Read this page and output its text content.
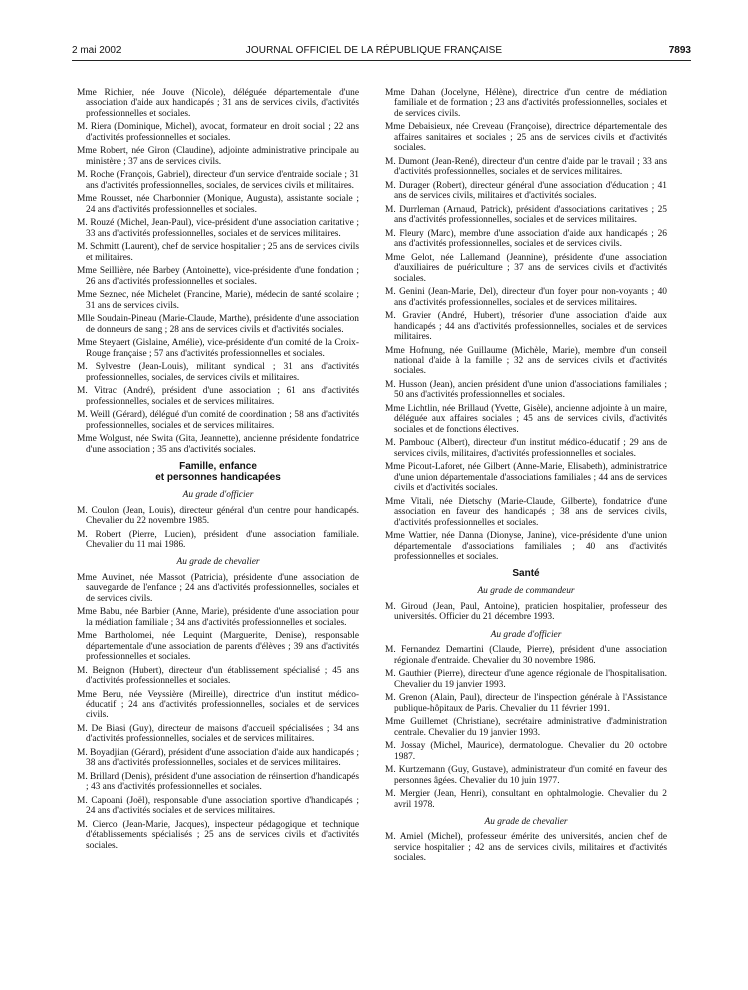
2 mai 2002	JOURNAL OFFICIEL DE LA RÉPUBLIQUE FRANÇAISE	7893

Mme Richier, née Jouve (Nicole), déléguée départementale d'une association d'aide aux handicapés ; 31 ans de services civils, d'activités professionnelles et sociales.

M. Riera (Dominique, Michel), avocat, formateur en droit social ; 22 ans d'activités professionnelles et sociales.

Mme Robert, née Giron (Claudine), adjointe administrative principale au ministère ; 37 ans de services civils.

M. Roche (François, Gabriel), directeur d'un service d'entraide sociale ; 31 ans d'activités professionnelles, sociales, de services civils et militaires.

Mme Rousset, née Charbonnier (Monique, Augusta), assistante sociale ; 24 ans d'activités professionnelles et sociales.

M. Rouzé (Michel, Jean-Paul), vice-président d'une association caritative ; 33 ans d'activités professionnelles, sociales et de services militaires.

M. Schmitt (Laurent), chef de service hospitalier ; 25 ans de services civils et militaires.

Mme Seillière, née Barbey (Antoinette), vice-présidente d'une fondation ; 26 ans d'activités professionnelles et sociales.

Mme Seznec, née Michelet (Francine, Marie), médecin de santé scolaire ; 31 ans de services civils.

Mlle Soudain-Pineau (Marie-Claude, Marthe), présidente d'une association de donneurs de sang ; 28 ans de services civils et d'activités sociales.

Mme Steyaert (Gislaine, Amélie), vice-présidente d'un comité de la Croix-Rouge française ; 57 ans d'activités professionnelles et sociales.

M. Sylvestre (Jean-Louis), militant syndical ; 31 ans d'activités professionnelles, sociales, de services civils et militaires.

M. Vitrac (André), président d'une association ; 61 ans d'activités professionnelles, sociales et de services militaires.

M. Weill (Gérard), délégué d'un comité de coordination ; 58 ans d'activités professionnelles, sociales et de services militaires.

Mme Wolgust, née Swita (Gita, Jeannette), ancienne présidente fondatrice d'une association ; 35 ans d'activités sociales.

Famille, enfance
et personnes handicapées
Au grade d'officier

M. Coulon (Jean, Louis), directeur général d'un centre pour handicapés. Chevalier du 22 novembre 1985.

M. Robert (Pierre, Lucien), président d'une association familiale. Chevalier du 11 mai 1986.

Au grade de chevalier

Mme Auvinet, née Massot (Patricia), présidente d'une association de sauvegarde de l'enfance ; 24 ans d'activités professionnelles, sociales et de services civils.

Mme Babu, née Barbier (Anne, Marie), présidente d'une association pour la médiation familiale ; 34 ans d'activités professionnelles et sociales.

Mme Bartholomei, née Lequint (Marguerite, Denise), responsable départementale d'une association de parents d'élèves ; 39 ans d'activités professionnelles et sociales.

M. Beignon (Hubert), directeur d'un établissement spécialisé ; 45 ans d'activités professionnelles et sociales.

Mme Beru, née Veyssière (Mireille), directrice d'un institut médico-éducatif ; 24 ans d'activités professionnelles, sociales et de services civils.

M. De Biasi (Guy), directeur de maisons d'accueil spécialisées ; 34 ans d'activités professionnelles, sociales et de services militaires.

M. Boyadjian (Gérard), président d'une association d'aide aux handicapés ; 38 ans d'activités professionnelles, sociales et de services militaires.

M. Brillard (Denis), président d'une association de réinsertion d'handicapés ; 43 ans d'activités professionnelles et sociales.

M. Capoani (Joël), responsable d'une association sportive d'handicapés ; 24 ans d'activités sociales et de services militaires.

M. Cierco (Jean-Marie, Jacques), inspecteur pédagogique et technique d'établissements spécialisés ; 25 ans de services civils et d'activités sociales.

Mme Dahan (Jocelyne, Hélène), directrice d'un centre de médiation familiale et de formation ; 23 ans d'activités professionnelles, sociales et de services civils.

Mme Debaisieux, née Creveau (Françoise), directrice départementale des affaires sanitaires et sociales ; 25 ans de services civils et d'activités sociales.

M. Dumont (Jean-René), directeur d'un centre d'aide par le travail ; 33 ans d'activités professionnelles, sociales et de services militaires.

M. Durager (Robert), directeur général d'une association d'éducation ; 41 ans de services civils, militaires et d'activités sociales.

M. Durrleman (Arnaud, Patrick), président d'associations caritatives ; 25 ans d'activités professionnelles, sociales et de services militaires.

M. Fleury (Marc), membre d'une association d'aide aux handicapés ; 26 ans d'activités professionnelles, sociales et de services civils.

Mme Gelot, née Lallemand (Jeannine), présidente d'une association d'auxiliaires de puériculture ; 37 ans de services civils et d'activités sociales.

M. Genini (Jean-Marie, Del), directeur d'un foyer pour non-voyants ; 40 ans d'activités professionnelles, sociales et de services militaires.

M. Gravier (André, Hubert), trésorier d'une association d'aide aux handicapés ; 44 ans d'activités professionnelles, sociales et de services militaires.

Mme Hofnung, née Guillaume (Michèle, Marie), membre d'un conseil national d'aide à la famille ; 32 ans de services civils et d'activités sociales.

M. Husson (Jean), ancien président d'une union d'associations familiales ; 50 ans d'activités professionnelles et sociales.

Mme Lichtlin, née Brillaud (Yvette, Gisèle), ancienne adjointe à un maire, déléguée aux affaires sociales ; 45 ans de services civils, d'activités sociales et de fonctions électives.

M. Pambouc (Albert), directeur d'un institut médico-éducatif ; 29 ans de services civils, militaires, d'activités professionnelles et sociales.

Mme Picout-Laforet, née Gilbert (Anne-Marie, Elisabeth), administratrice d'une union départementale d'associations familiales ; 44 ans de services civils et d'activités sociales.

Mme Vitali, née Dietschy (Marie-Claude, Gilberte), fondatrice d'une association en faveur des handicapés ; 38 ans de services civils, d'activités professionnelles et sociales.

Mme Wattier, née Danna (Dionyse, Janine), vice-présidente d'une union départementale d'associations familiales ; 40 ans d'activités professionnelles et sociales.

Santé
Au grade de commandeur

M. Giroud (Jean, Paul, Antoine), praticien hospitalier, professeur des universités. Officier du 21 décembre 1993.

Au grade d'officier

M. Fernandez Demartini (Claude, Pierre), président d'une association régionale d'entraide. Chevalier du 30 novembre 1986.

M. Gauthier (Pierre), directeur d'une agence régionale de l'hospitalisation. Chevalier du 19 janvier 1993.

M. Grenon (Alain, Paul), directeur de l'inspection générale à l'Assistance publique-hôpitaux de Paris. Chevalier du 11 février 1991.

Mme Guillemet (Christiane), secrétaire administrative d'administration centrale. Chevalier du 19 janvier 1993.

M. Jossay (Michel, Maurice), dermatologue. Chevalier du 20 octobre 1987.

M. Kurtzemann (Guy, Gustave), administrateur d'un comité en faveur des personnes âgées. Chevalier du 10 juin 1977.

M. Mergier (Jean, Henri), consultant en ophtalmologie. Chevalier du 2 avril 1978.

Au grade de chevalier

M. Amiel (Michel), professeur émérite des universités, ancien chef de service hospitalier ; 42 ans de services civils, militaires et d'activités sociales.
